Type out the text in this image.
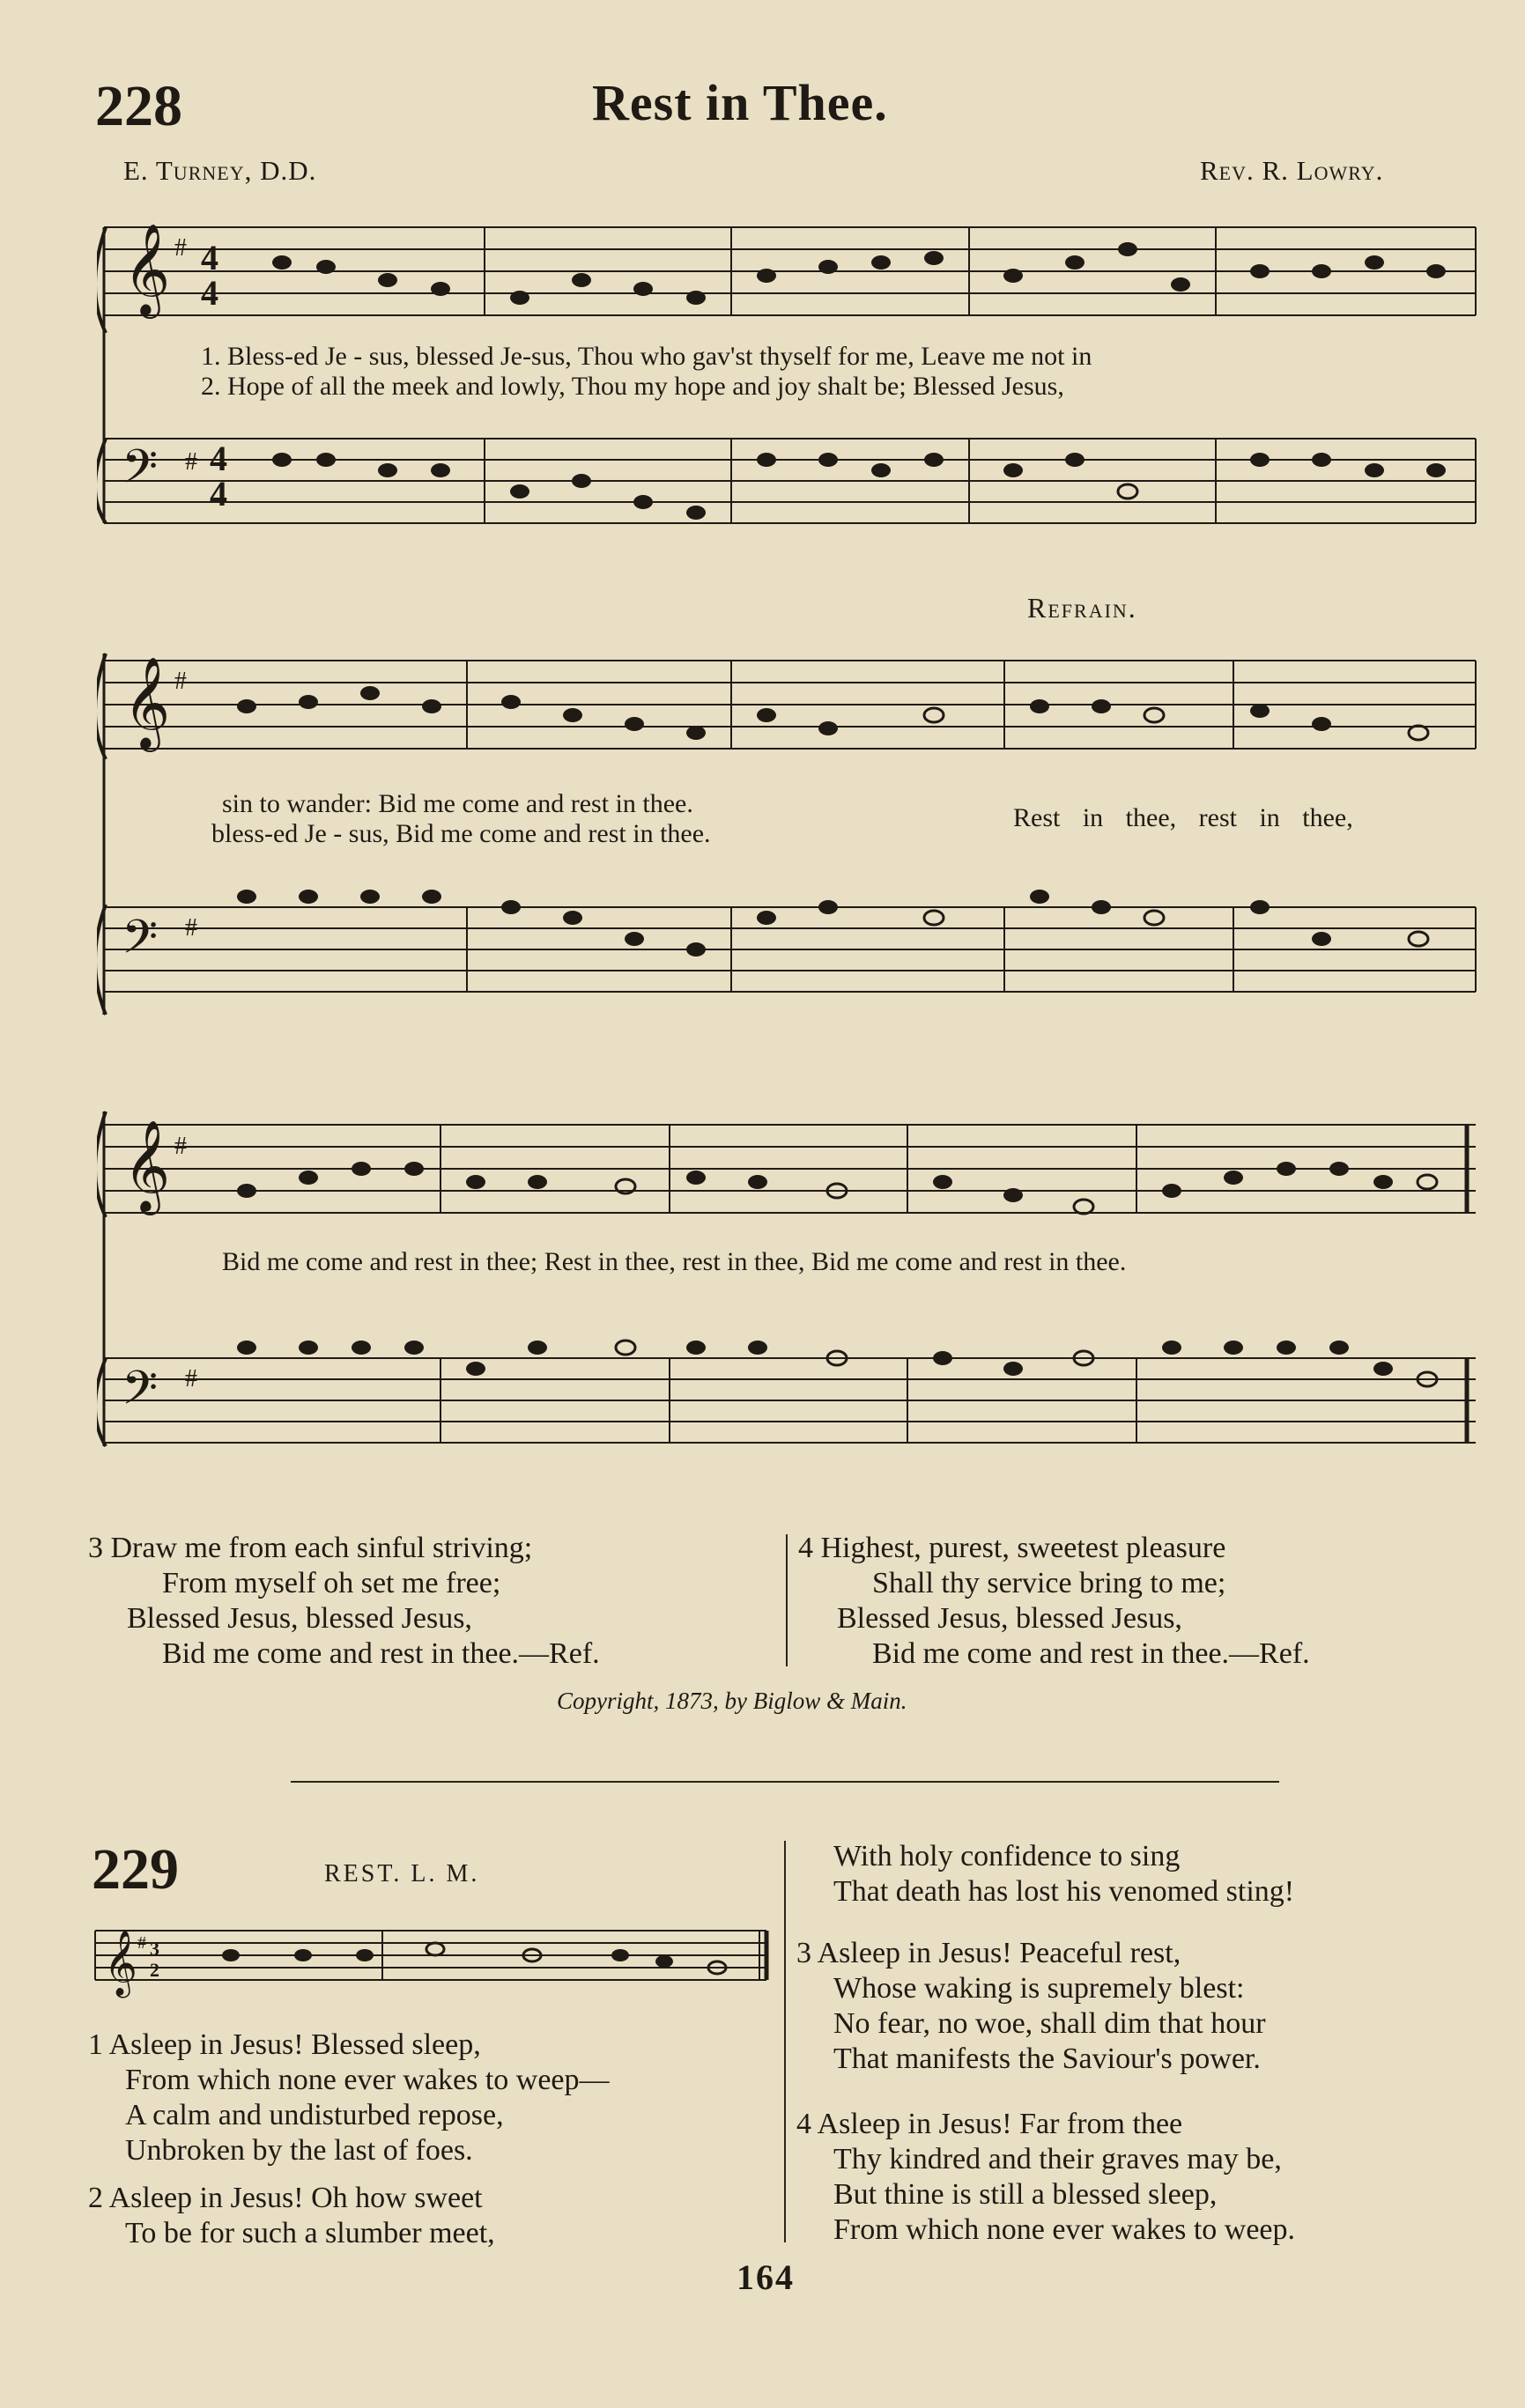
228	Rest in Thee.
E. Turney, D.D.	Rev. R. Lowry.
𝄞
𝄢
#
#
4
4
4
4
1. Bless-ed Je - sus, blessed Je-sus, Thou who gav'st thyself for me, Leave me not in
2. Hope of all the meek and lowly, Thou my hope and joy shalt be; Blessed Jesus,
Refrain.
𝄞
𝄢
#
#
sin to wander: Bid me come and rest in thee.
bless-ed Je - sus, Bid me come and rest in thee.
Rest in thee, rest in thee,
𝄞
𝄢
#
#
Bid me come and rest in thee; Rest in thee, rest in thee, Bid me come and rest in thee.
3 Draw me from each sinful striving;
From myself oh set me free;
Blessed Jesus, blessed Jesus,
Bid me come and rest in thee.—Ref.
4 Highest, purest, sweetest pleasure
Shall thy service bring to me;
Blessed Jesus, blessed Jesus,
Bid me come and rest in thee.—Ref.
Copyright, 1873, by Biglow & Main.
229	REST. L. M.
𝄞 # 3
2
1 Asleep in Jesus! Blessed sleep,
From which none ever wakes to weep—
A calm and undisturbed repose,
Unbroken by the last of foes.
2 Asleep in Jesus! Oh how sweet
To be for such a slumber meet,
With holy confidence to sing
That death has lost his venomed sting!
3 Asleep in Jesus! Peaceful rest,
Whose waking is supremely blest:
No fear, no woe, shall dim that hour
That manifests the Saviour's power.
4 Asleep in Jesus! Far from thee
Thy kindred and their graves may be,
But thine is still a blessed sleep,
From which none ever wakes to weep.
164
